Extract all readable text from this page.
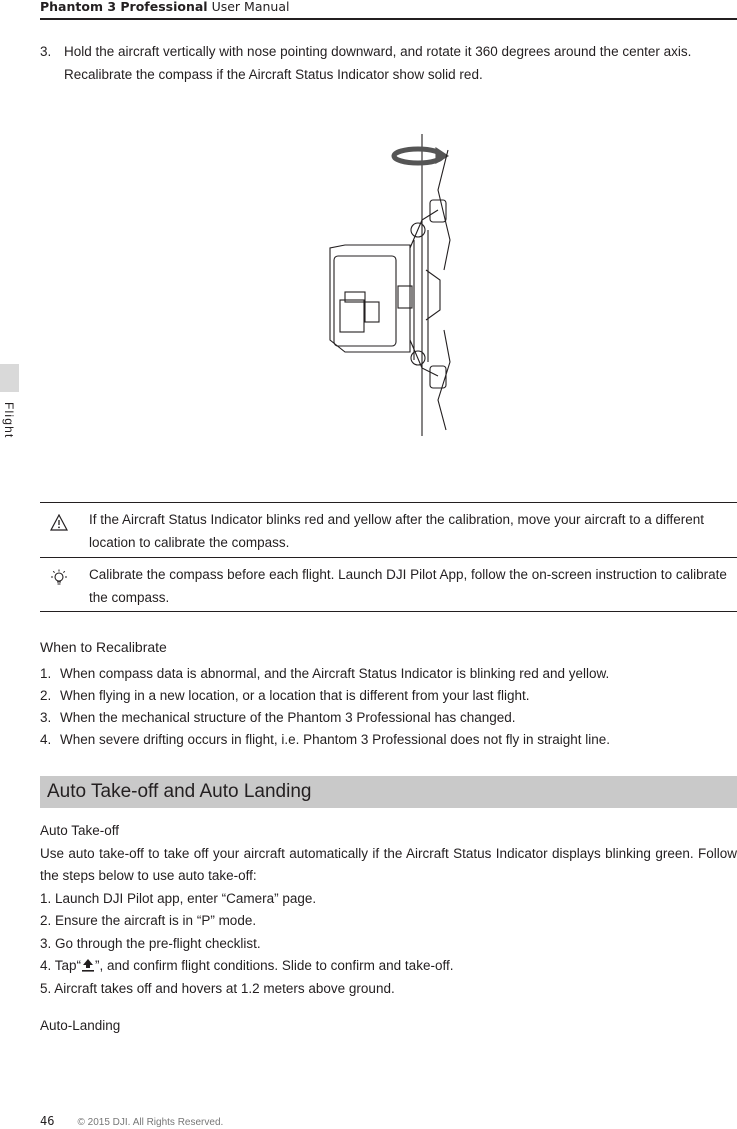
Phantom 3 Professional User Manual
Flight
3. Hold the aircraft vertically with nose pointing downward, and rotate it 360 degrees around the center axis. Recalibrate the compass if the Aircraft Status Indicator show solid red.
If the Aircraft Status Indicator blinks red and yellow after the calibration, move your aircraft to a different location to calibrate the compass.
Calibrate the compass before each flight. Launch DJI Pilot App, follow the on-screen instruction to calibrate the compass.
When to Recalibrate
1. When compass data is abnormal, and the Aircraft Status Indicator is blinking red and yellow.
2. When flying in a new location, or a location that is different from your last flight.
3. When the mechanical structure of the Phantom 3 Professional has changed.
4. When severe drifting occurs in flight, i.e. Phantom 3 Professional does not fly in straight line.
Auto Take-off and Auto Landing

Auto Take-off

Use auto take-off to take off your aircraft automatically if the Aircraft Status Indicator displays blinking green. Follow the steps below to use auto take-off:

1. Launch DJI Pilot app, enter “Camera” page.

2. Ensure the aircraft is in “P” mode.

3. Go through the pre-flight checklist.

4. Tap“ ”, and confirm flight conditions. Slide to confirm and take-off.

5. Aircraft takes off and hovers at 1.2 meters above ground.

Auto-Landing
46 © 2015 DJI. All Rights Reserved.
